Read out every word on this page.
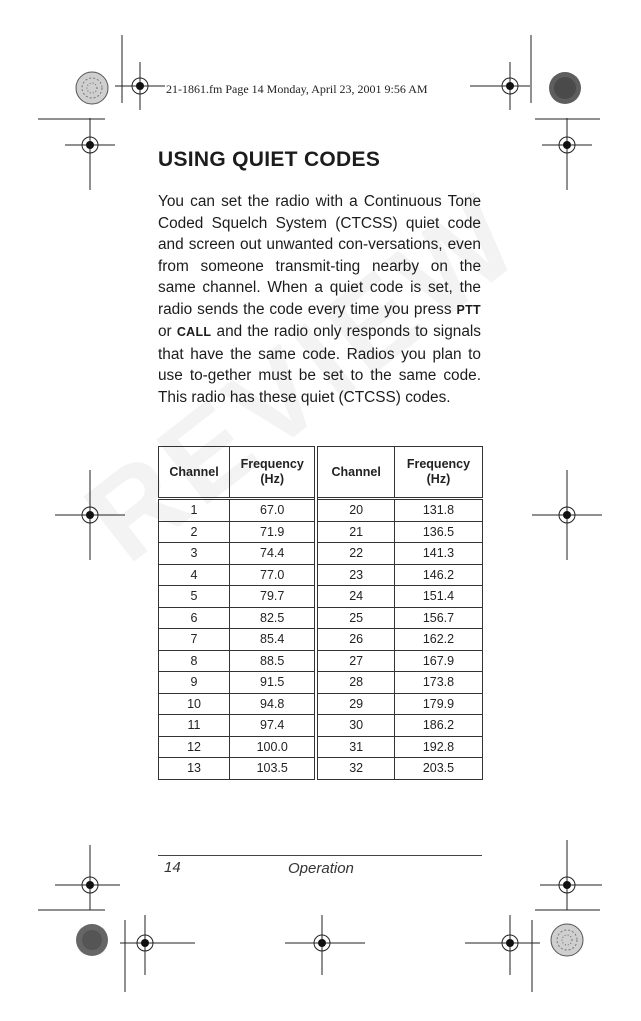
21-1861.fm Page 14 Monday, April 23, 2001 9:56 AM
USING QUIET CODES
You can set the radio with a Continuous Tone Coded Squelch System (CTCSS) quiet code and screen out unwanted con-versations, even from someone transmit-ting nearby on the same channel. When a quiet code is set, the radio sends the code every time you press PTT or CALL and the radio only responds to signals that have the same code. Radios you plan to use to-gether must be set to the same code. This radio has these quiet (CTCSS) codes.
Channel	Frequency (Hz)	Channel	Frequency (Hz)
1	67.0	20	131.8
2	71.9	21	136.5
3	74.4	22	141.3
4	77.0	23	146.2
5	79.7	24	151.4
6	82.5	25	156.7
7	85.4	26	162.2
8	88.5	27	167.9
9	91.5	28	173.8
10	94.8	29	179.9
11	97.4	30	186.2
12	100.0	31	192.8
13	103.5	32	203.5
14	Operation
